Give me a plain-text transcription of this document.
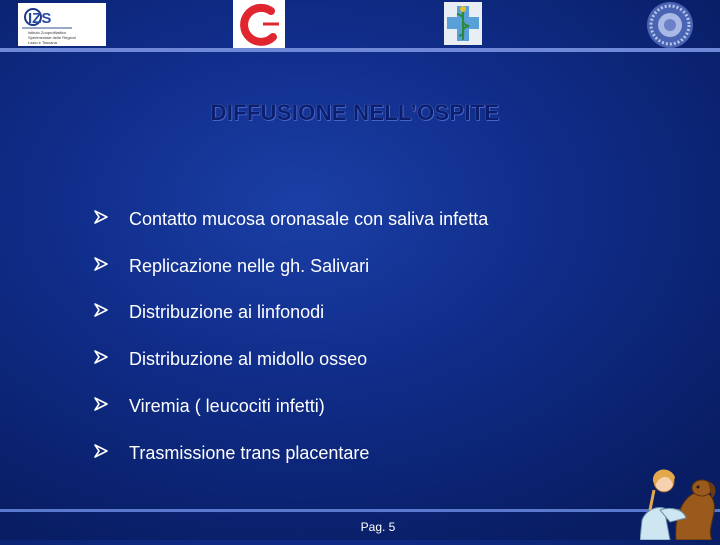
IZS
Istituto Zooprofilattico
Sperimentale delle Regioni
Lazio e Toscana
DIFFUSIONE NELL’OSPITE
Contatto mucosa oronasale con saliva infetta
Replicazione nelle gh. Salivari
Distribuzione ai linfonodi
Distribuzione al midollo osseo
Viremia ( leucociti infetti)
Trasmissione trans placentare
Pag. 5
